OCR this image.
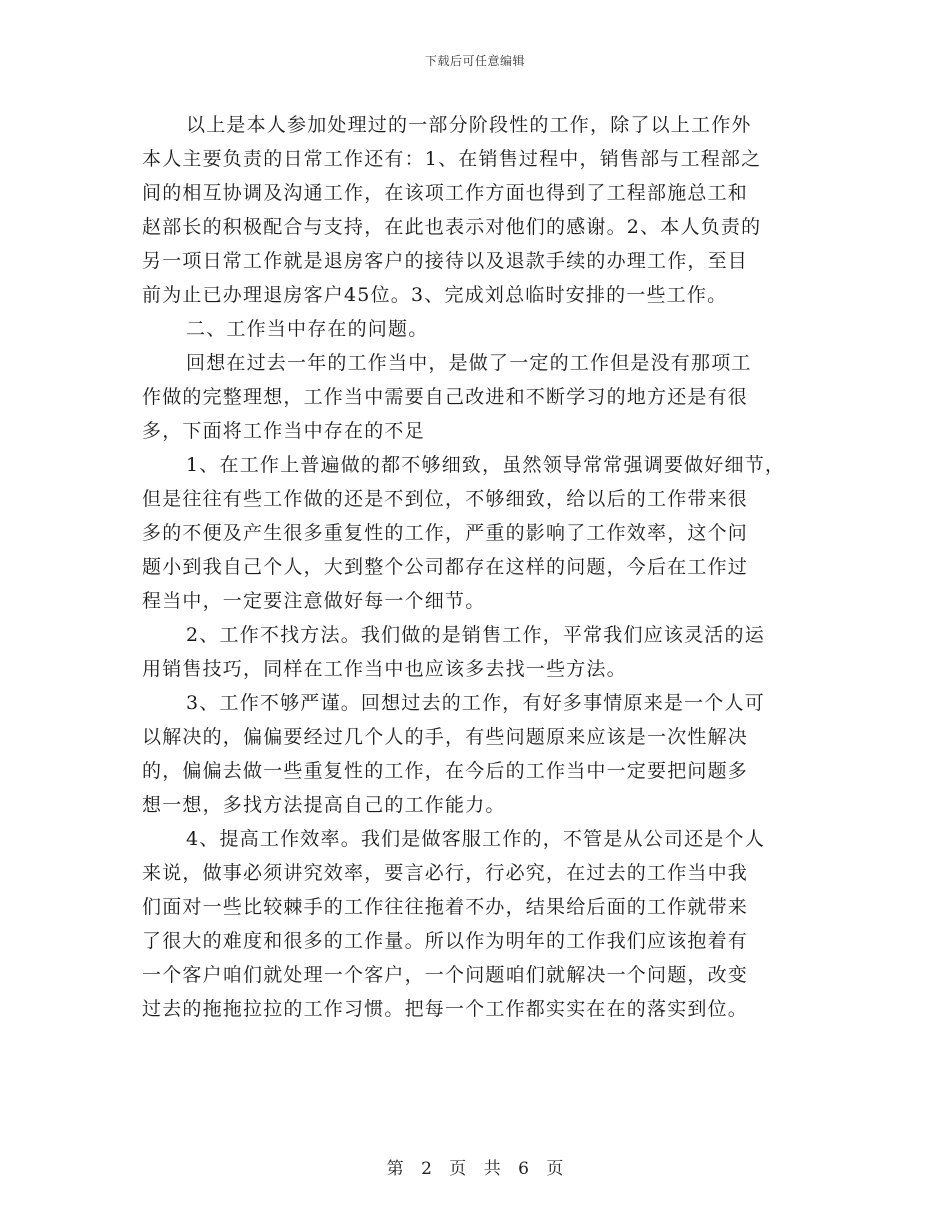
下载后可任意编辑
以上是本人参加处理过的一部分阶段性的工作，除了以上工作外
本人主要负责的日常工作还有：1、在销售过程中，销售部与工程部之
间的相互协调及沟通工作，在该项工作方面也得到了工程部施总工和
赵部长的积极配合与支持，在此也表示对他们的感谢。2、本人负责的
另一项日常工作就是退房客户的接待以及退款手续的办理工作，至目
前为止已办理退房客户45位。3、完成刘总临时安排的一些工作。
二、工作当中存在的问题。
回想在过去一年的工作当中，是做了一定的工作但是没有那项工
作做的完整理想，工作当中需要自己改进和不断学习的地方还是有很
多，下面将工作当中存在的不足
1、在工作上普遍做的都不够细致，虽然领导常常强调要做好细节，
但是往往有些工作做的还是不到位，不够细致，给以后的工作带来很
多的不便及产生很多重复性的工作，严重的影响了工作效率，这个问
题小到我自己个人，大到整个公司都存在这样的问题，今后在工作过
程当中，一定要注意做好每一个细节。
2、工作不找方法。我们做的是销售工作，平常我们应该灵活的运
用销售技巧，同样在工作当中也应该多去找一些方法。
3、工作不够严谨。回想过去的工作，有好多事情原来是一个人可
以解决的，偏偏要经过几个人的手，有些问题原来应该是一次性解决
的，偏偏去做一些重复性的工作，在今后的工作当中一定要把问题多
想一想，多找方法提高自己的工作能力。
4、提高工作效率。我们是做客服工作的，不管是从公司还是个人
来说，做事必须讲究效率，要言必行，行必究，在过去的工作当中我
们面对一些比较棘手的工作往往拖着不办，结果给后面的工作就带来
了很大的难度和很多的工作量。所以作为明年的工作我们应该抱着有
一个客户咱们就处理一个客户，一个问题咱们就解决一个问题，改变
过去的拖拖拉拉的工作习惯。把每一个工作都实实在在的落实到位。
第 2 页 共 6 页
